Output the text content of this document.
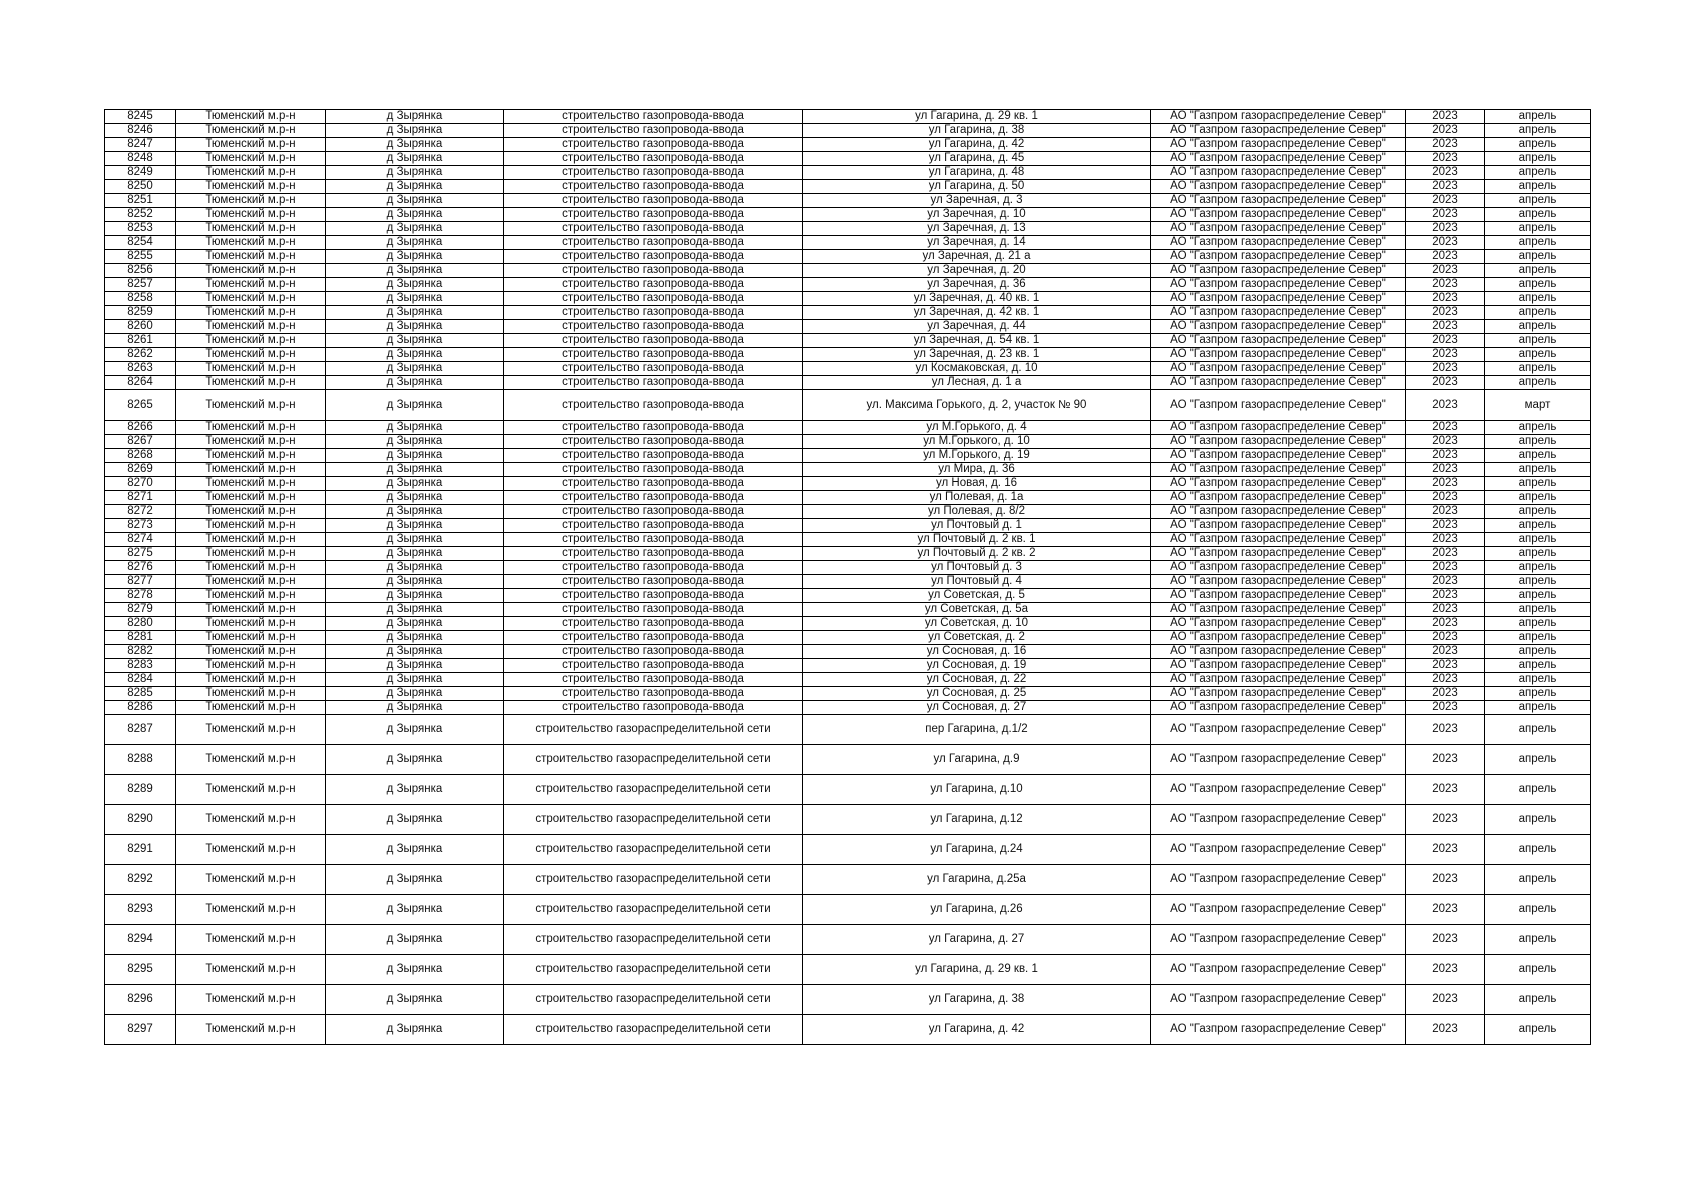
8245	Тюменский м.р-н	д Зырянка	строительство газопровода-ввода	ул Гагарина, д. 29 кв. 1	АО "Газпром газораспределение Север"	2023	апрель
8246	Тюменский м.р-н	д Зырянка	строительство газопровода-ввода	ул Гагарина, д. 38	АО "Газпром газораспределение Север"	2023	апрель
8247	Тюменский м.р-н	д Зырянка	строительство газопровода-ввода	ул Гагарина, д. 42	АО "Газпром газораспределение Север"	2023	апрель
8248	Тюменский м.р-н	д Зырянка	строительство газопровода-ввода	ул Гагарина, д. 45	АО "Газпром газораспределение Север"	2023	апрель
8249	Тюменский м.р-н	д Зырянка	строительство газопровода-ввода	ул Гагарина, д. 48	АО "Газпром газораспределение Север"	2023	апрель
8250	Тюменский м.р-н	д Зырянка	строительство газопровода-ввода	ул Гагарина, д. 50	АО "Газпром газораспределение Север"	2023	апрель
8251	Тюменский м.р-н	д Зырянка	строительство газопровода-ввода	ул Заречная, д. 3	АО "Газпром газораспределение Север"	2023	апрель
8252	Тюменский м.р-н	д Зырянка	строительство газопровода-ввода	ул Заречная, д. 10	АО "Газпром газораспределение Север"	2023	апрель
8253	Тюменский м.р-н	д Зырянка	строительство газопровода-ввода	ул Заречная, д. 13	АО "Газпром газораспределение Север"	2023	апрель
8254	Тюменский м.р-н	д Зырянка	строительство газопровода-ввода	ул Заречная, д. 14	АО "Газпром газораспределение Север"	2023	апрель
8255	Тюменский м.р-н	д Зырянка	строительство газопровода-ввода	ул Заречная, д. 21 а	АО "Газпром газораспределение Север"	2023	апрель
8256	Тюменский м.р-н	д Зырянка	строительство газопровода-ввода	ул Заречная, д. 20	АО "Газпром газораспределение Север"	2023	апрель
8257	Тюменский м.р-н	д Зырянка	строительство газопровода-ввода	ул Заречная, д. 36	АО "Газпром газораспределение Север"	2023	апрель
8258	Тюменский м.р-н	д Зырянка	строительство газопровода-ввода	ул Заречная, д. 40 кв. 1	АО "Газпром газораспределение Север"	2023	апрель
8259	Тюменский м.р-н	д Зырянка	строительство газопровода-ввода	ул Заречная, д. 42 кв. 1	АО "Газпром газораспределение Север"	2023	апрель
8260	Тюменский м.р-н	д Зырянка	строительство газопровода-ввода	ул Заречная, д. 44	АО "Газпром газораспределение Север"	2023	апрель
8261	Тюменский м.р-н	д Зырянка	строительство газопровода-ввода	ул Заречная, д. 54 кв. 1	АО "Газпром газораспределение Север"	2023	апрель
8262	Тюменский м.р-н	д Зырянка	строительство газопровода-ввода	ул Заречная, д. 23 кв. 1	АО "Газпром газораспределение Север"	2023	апрель
8263	Тюменский м.р-н	д Зырянка	строительство газопровода-ввода	ул Космаковская, д. 10	АО "Газпром газораспределение Север"	2023	апрель
8264	Тюменский м.р-н	д Зырянка	строительство газопровода-ввода	ул Лесная, д. 1 а	АО "Газпром газораспределение Север"	2023	апрель
8265	Тюменский м.р-н	д Зырянка	строительство газопровода-ввода	ул. Максима Горького, д. 2, участок № 90	АО "Газпром газораспределение Север"	2023	март
8266	Тюменский м.р-н	д Зырянка	строительство газопровода-ввода	ул М.Горького, д. 4	АО "Газпром газораспределение Север"	2023	апрель
8267	Тюменский м.р-н	д Зырянка	строительство газопровода-ввода	ул М.Горького, д. 10	АО "Газпром газораспределение Север"	2023	апрель
8268	Тюменский м.р-н	д Зырянка	строительство газопровода-ввода	ул М.Горького, д. 19	АО "Газпром газораспределение Север"	2023	апрель
8269	Тюменский м.р-н	д Зырянка	строительство газопровода-ввода	ул Мира, д. 36	АО "Газпром газораспределение Север"	2023	апрель
8270	Тюменский м.р-н	д Зырянка	строительство газопровода-ввода	ул Новая, д. 16	АО "Газпром газораспределение Север"	2023	апрель
8271	Тюменский м.р-н	д Зырянка	строительство газопровода-ввода	ул Полевая, д. 1а	АО "Газпром газораспределение Север"	2023	апрель
8272	Тюменский м.р-н	д Зырянка	строительство газопровода-ввода	ул Полевая, д. 8/2	АО "Газпром газораспределение Север"	2023	апрель
8273	Тюменский м.р-н	д Зырянка	строительство газопровода-ввода	ул Почтовый д. 1	АО "Газпром газораспределение Север"	2023	апрель
8274	Тюменский м.р-н	д Зырянка	строительство газопровода-ввода	ул Почтовый д. 2 кв. 1	АО "Газпром газораспределение Север"	2023	апрель
8275	Тюменский м.р-н	д Зырянка	строительство газопровода-ввода	ул Почтовый д. 2 кв. 2	АО "Газпром газораспределение Север"	2023	апрель
8276	Тюменский м.р-н	д Зырянка	строительство газопровода-ввода	ул Почтовый д. 3	АО "Газпром газораспределение Север"	2023	апрель
8277	Тюменский м.р-н	д Зырянка	строительство газопровода-ввода	ул Почтовый д. 4	АО "Газпром газораспределение Север"	2023	апрель
8278	Тюменский м.р-н	д Зырянка	строительство газопровода-ввода	ул Советская, д. 5	АО "Газпром газораспределение Север"	2023	апрель
8279	Тюменский м.р-н	д Зырянка	строительство газопровода-ввода	ул Советская, д. 5а	АО "Газпром газораспределение Север"	2023	апрель
8280	Тюменский м.р-н	д Зырянка	строительство газопровода-ввода	ул Советская, д. 10	АО "Газпром газораспределение Север"	2023	апрель
8281	Тюменский м.р-н	д Зырянка	строительство газопровода-ввода	ул Советская, д. 2	АО "Газпром газораспределение Север"	2023	апрель
8282	Тюменский м.р-н	д Зырянка	строительство газопровода-ввода	ул Сосновая, д. 16	АО "Газпром газораспределение Север"	2023	апрель
8283	Тюменский м.р-н	д Зырянка	строительство газопровода-ввода	ул Сосновая, д. 19	АО "Газпром газораспределение Север"	2023	апрель
8284	Тюменский м.р-н	д Зырянка	строительство газопровода-ввода	ул Сосновая, д. 22	АО "Газпром газораспределение Север"	2023	апрель
8285	Тюменский м.р-н	д Зырянка	строительство газопровода-ввода	ул Сосновая, д. 25	АО "Газпром газораспределение Север"	2023	апрель
8286	Тюменский м.р-н	д Зырянка	строительство газопровода-ввода	ул Сосновая, д. 27	АО "Газпром газораспределение Север"	2023	апрель
8287	Тюменский м.р-н	д Зырянка	строительство газораспределительной сети	пер Гагарина, д.1/2	АО "Газпром газораспределение Север"	2023	апрель
8288	Тюменский м.р-н	д Зырянка	строительство газораспределительной сети	ул Гагарина, д.9	АО "Газпром газораспределение Север"	2023	апрель
8289	Тюменский м.р-н	д Зырянка	строительство газораспределительной сети	ул Гагарина, д.10	АО "Газпром газораспределение Север"	2023	апрель
8290	Тюменский м.р-н	д Зырянка	строительство газораспределительной сети	ул Гагарина, д.12	АО "Газпром газораспределение Север"	2023	апрель
8291	Тюменский м.р-н	д Зырянка	строительство газораспределительной сети	ул Гагарина, д.24	АО "Газпром газораспределение Север"	2023	апрель
8292	Тюменский м.р-н	д Зырянка	строительство газораспределительной сети	ул Гагарина, д.25а	АО "Газпром газораспределение Север"	2023	апрель
8293	Тюменский м.р-н	д Зырянка	строительство газораспределительной сети	ул Гагарина, д.26	АО "Газпром газораспределение Север"	2023	апрель
8294	Тюменский м.р-н	д Зырянка	строительство газораспределительной сети	ул Гагарина, д. 27	АО "Газпром газораспределение Север"	2023	апрель
8295	Тюменский м.р-н	д Зырянка	строительство газораспределительной сети	ул Гагарина, д. 29 кв. 1	АО "Газпром газораспределение Север"	2023	апрель
8296	Тюменский м.р-н	д Зырянка	строительство газораспределительной сети	ул Гагарина, д. 38	АО "Газпром газораспределение Север"	2023	апрель
8297	Тюменский м.р-н	д Зырянка	строительство газораспределительной сети	ул Гагарина, д. 42	АО "Газпром газораспределение Север"	2023	апрель
